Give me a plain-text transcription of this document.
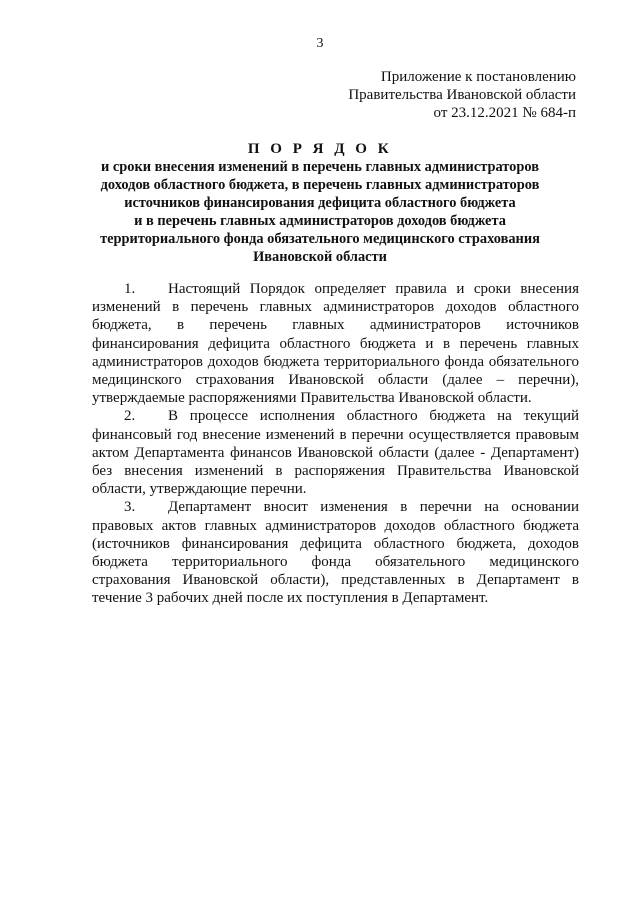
3
Приложение к постановлению
Правительства Ивановской области
от 23.12.2021 № 684-п
П О Р Я Д О К
и сроки внесения изменений в перечень главных администраторов
доходов областного бюджета, в перечень главных администраторов
источников финансирования дефицита областного бюджета
и в перечень главных администраторов доходов бюджета
территориального фонда обязательного медицинского страхования
Ивановской области

1. Настоящий Порядок определяет правила и сроки внесения изменений в перечень главных администраторов доходов областного бюджета, в перечень главных администраторов источников финансирования дефицита областного бюджета и в перечень главных администраторов доходов бюджета территориального фонда обязательного медицинского страхования Ивановской области (далее – перечни), утверждаемые распоряжениями Правительства Ивановской области.

2. В процессе исполнения областного бюджета на текущий финансовый год внесение изменений в перечни осуществляется правовым актом Департамента финансов Ивановской области (далее - Департамент) без внесения изменений в распоряжения Правительства Ивановской области, утверждающие перечни.

3. Департамент вносит изменения в перечни на основании правовых актов главных администраторов доходов областного бюджета (источников финансирования дефицита областного бюджета, доходов бюджета территориального фонда обязательного медицинского страхования Ивановской области), представленных в Департамент в течение 3 рабочих дней после их поступления в Департамент.
